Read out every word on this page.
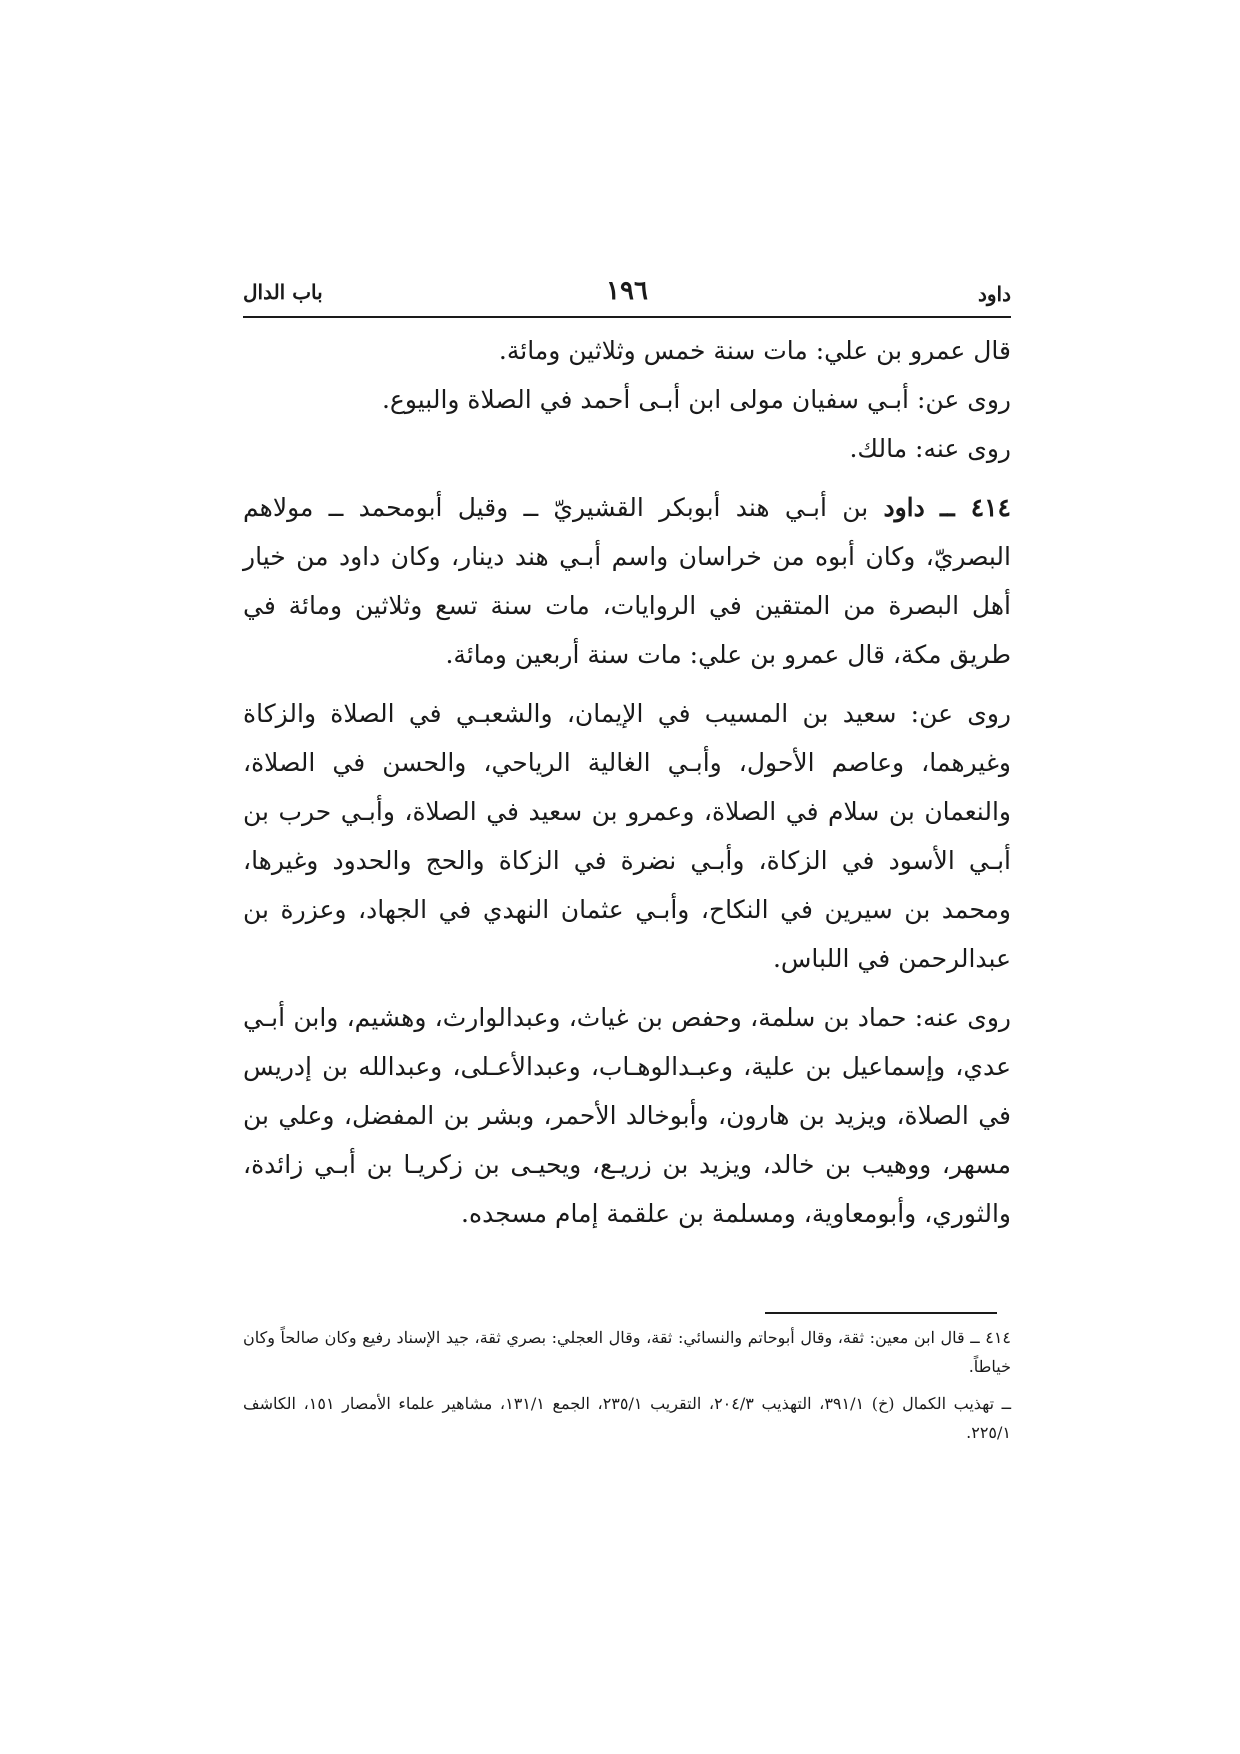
داود
١٩٦
باب الدال

قال عمرو بن علي: مات سنة خمس وثلاثين ومائة.

روى عن: أبـي سفيان مولى ابن أبـى أحمد في الصلاة والبيوع.

روى عنه: مالك.

٤١٤ ــ داود بن أبـي هند أبوبكر القشيريّ ــ وقيل أبومحمد ــ مولاهم البصريّ، وكان أبوه من خراسان واسم أبـي هند دينار، وكان داود من خيار أهل البصرة من المتقين في الروايات، مات سنة تسع وثلاثين ومائة في طريق مكة، قال عمرو بن علي: مات سنة أربعين ومائة.

روى عن: سعيد بن المسيب في الإيمان، والشعبـي في الصلاة والزكاة وغيرهما، وعاصم الأحول، وأبـي الغالية الرياحي، والحسن في الصلاة، والنعمان بن سلام في الصلاة، وعمرو بن سعيد في الصلاة، وأبـي حرب بن أبـي الأسود في الزكاة، وأبـي نضرة في الزكاة والحج والحدود وغيرها، ومحمد بن سيرين في النكاح، وأبـي عثمان النهدي في الجهاد، وعزرة بن عبدالرحمن في اللباس.

روى عنه: حماد بن سلمة، وحفص بن غياث، وعبدالوارث، وهشيم، وابن أبـي عدي، وإسماعيل بن علية، وعبـدالوهـاب، وعبدالأعـلى، وعبدالله بن إدريس في الصلاة، ويزيد بن هارون، وأبوخالد الأحمر، وبشر بن المفضل، وعلي بن مسهر، ووهيب بن خالد، ويزيد بن زريـع، ويحيـى بن زكريـا بن أبـي زائدة، والثوري، وأبومعاوية، ومسلمة بن علقمة إمام مسجده.

٤١٤ ــ قال ابن معين: ثقة، وقال أبوحاتم والنسائي: ثقة، وقال العجلي: بصري ثقة، جيد الإسناد رفيع وكان صالحاً وكان خياطاً.

ــ تهذيب الكمال (خ) ٣٩١/١، التهذيب ٢٠٤/٣، التقريب ٢٣٥/١، الجمع ١٣١/١، مشاهير علماء الأمصار ١٥١، الكاشف ٢٢٥/١.
